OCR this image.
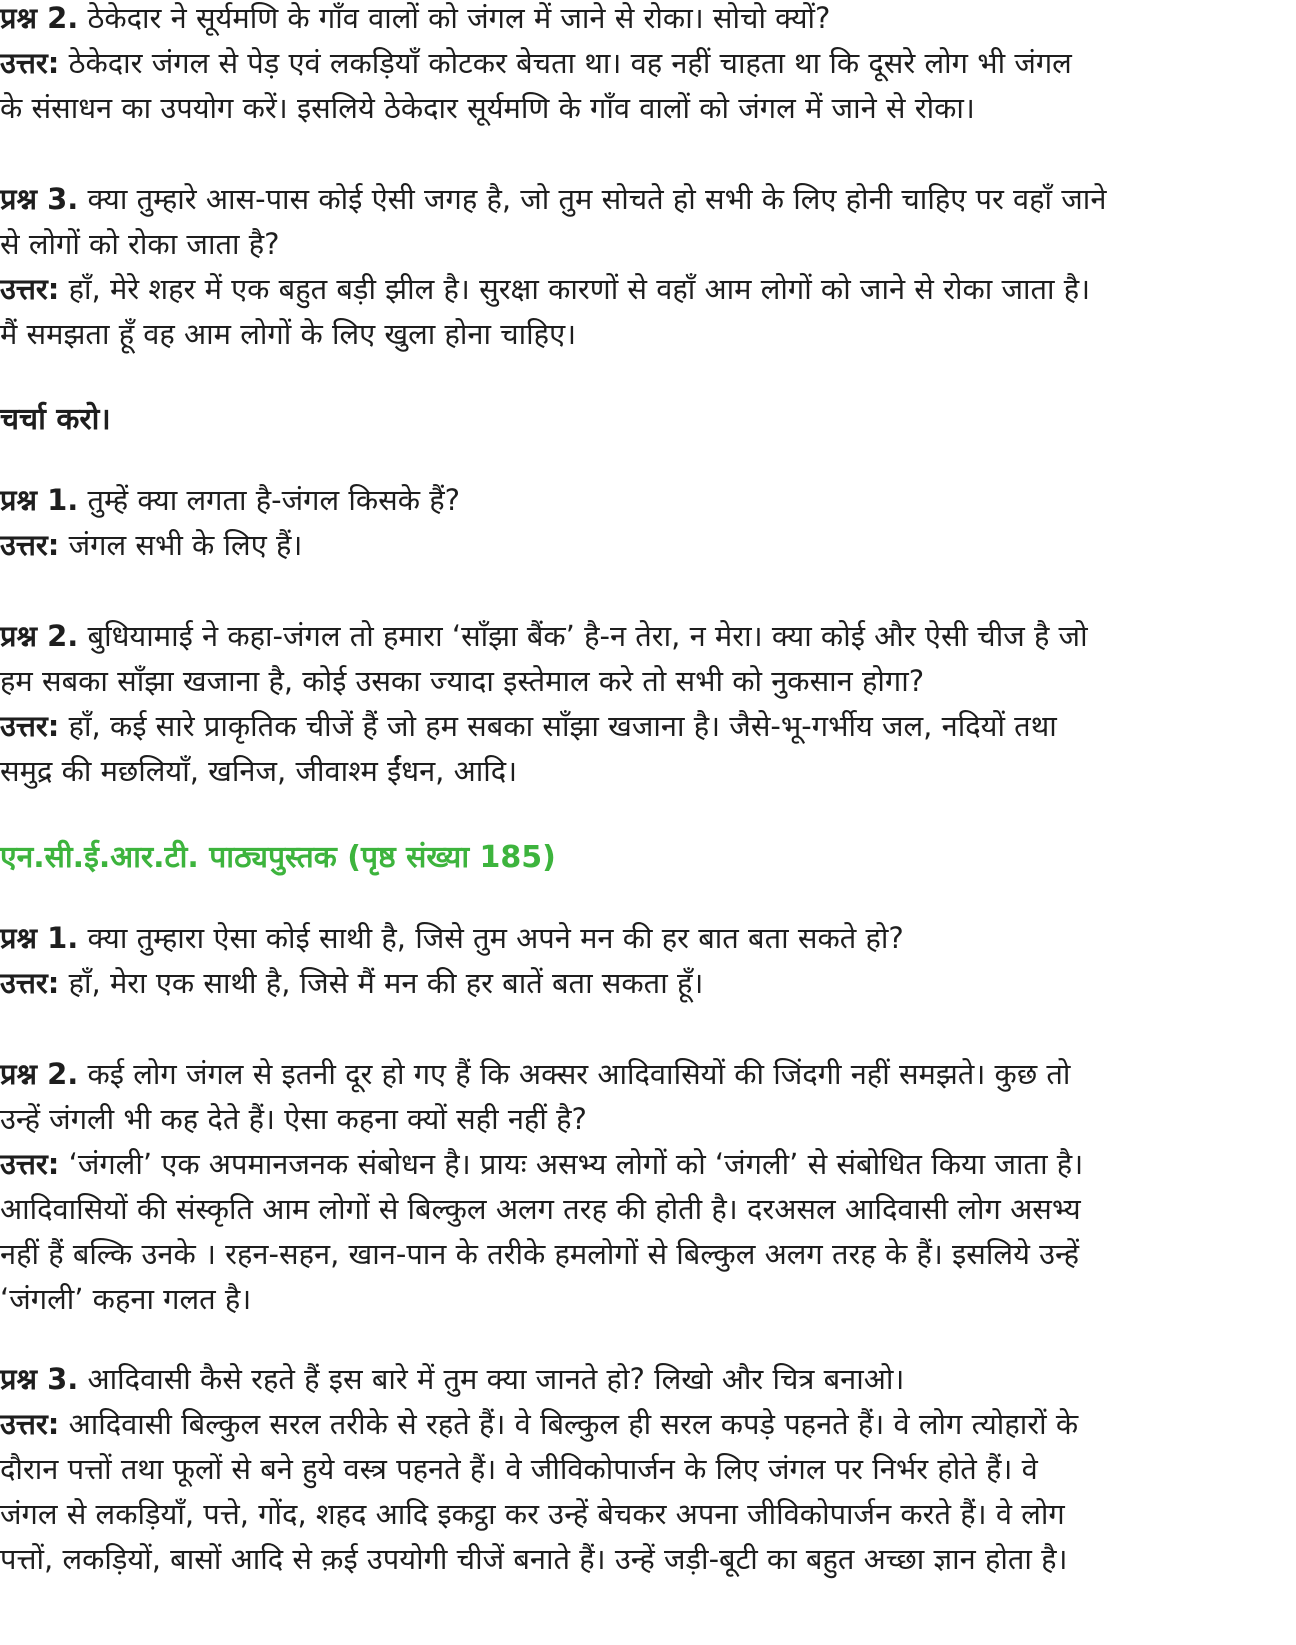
प्रश्न 2. ठेकेदार ने सूर्यमणि के गाँव वालों को जंगल में जाने से रोका। सोचो क्यों?

उत्तर: ठेकेदार जंगल से पेड़ एवं लकड़ियाँ कोटकर बेचता था। वह नहीं चाहता था कि दूसरे लोग भी जंगल

के संसाधन का उपयोग करें। इसलिये ठेकेदार सूर्यमणि के गाँव वालों को जंगल में जाने से रोका।

प्रश्न 3. क्या तुम्हारे आस-पास कोई ऐसी जगह है, जो तुम सोचते हो सभी के लिए होनी चाहिए पर वहाँ जाने

से लोगों को रोका जाता है?

उत्तर: हाँ, मेरे शहर में एक बहुत बड़ी झील है। सुरक्षा कारणों से वहाँ आम लोगों को जाने से रोका जाता है।

मैं समझता हूँ वह आम लोगों के लिए खुला होना चाहिए।

चर्चा करो।

प्रश्न 1. तुम्हें क्या लगता है-जंगल किसके हैं?

उत्तर: जंगल सभी के लिए हैं।

प्रश्न 2. बुधियामाई ने कहा-जंगल तो हमारा ‘साँझा बैंक’ है-न तेरा, न मेरा। क्या कोई और ऐसी चीज है जो

हम सबका साँझा खजाना है, कोई उसका ज्यादा इस्तेमाल करे तो सभी को नुकसान होगा?

उत्तर: हाँ, कई सारे प्राकृतिक चीजें हैं जो हम सबका साँझा खजाना है। जैसे-भू-गर्भीय जल, नदियों तथा

समुद्र की मछलियाँ, खनिज, जीवाश्म ईंधन, आदि।

एन.सी.ई.आर.टी. पाठ्यपुस्तक (पृष्ठ संख्या 185)

प्रश्न 1. क्या तुम्हारा ऐसा कोई साथी है, जिसे तुम अपने मन की हर बात बता सकते हो?

उत्तर: हाँ, मेरा एक साथी है, जिसे मैं मन की हर बातें बता सकता हूँ।

प्रश्न 2. कई लोग जंगल से इतनी दूर हो गए हैं कि अक्सर आदिवासियों की जिंदगी नहीं समझते। कुछ तो

उन्हें जंगली भी कह देते हैं। ऐसा कहना क्यों सही नहीं है?

उत्तर: ‘जंगली’ एक अपमानजनक संबोधन है। प्रायः असभ्य लोगों को ‘जंगली’ से संबोधित किया जाता है।

आदिवासियों की संस्कृति आम लोगों से बिल्कुल अलग तरह की होती है। दरअसल आदिवासी लोग असभ्य

नहीं हैं बल्कि उनके । रहन-सहन, खान-पान के तरीके हमलोगों से बिल्कुल अलग तरह के हैं। इसलिये उन्हें

‘जंगली’ कहना गलत है।

प्रश्न 3. आदिवासी कैसे रहते हैं इस बारे में तुम क्या जानते हो? लिखो और चित्र बनाओ।

उत्तर: आदिवासी बिल्कुल सरल तरीके से रहते हैं। वे बिल्कुल ही सरल कपड़े पहनते हैं। वे लोग त्योहारों के

दौरान पत्तों तथा फूलों से बने हुये वस्त्र पहनते हैं। वे जीविकोपार्जन के लिए जंगल पर निर्भर होते हैं। वे

जंगल से लकड़ियाँ, पत्ते, गोंद, शहद आदि इकट्ठा कर उन्हें बेचकर अपना जीविकोपार्जन करते हैं। वे लोग

पत्तों, लकड़ियों, बासों आदि से क़ई उपयोगी चीजें बनाते हैं। उन्हें जड़ी-बूटी का बहुत अच्छा ज्ञान होता है।
